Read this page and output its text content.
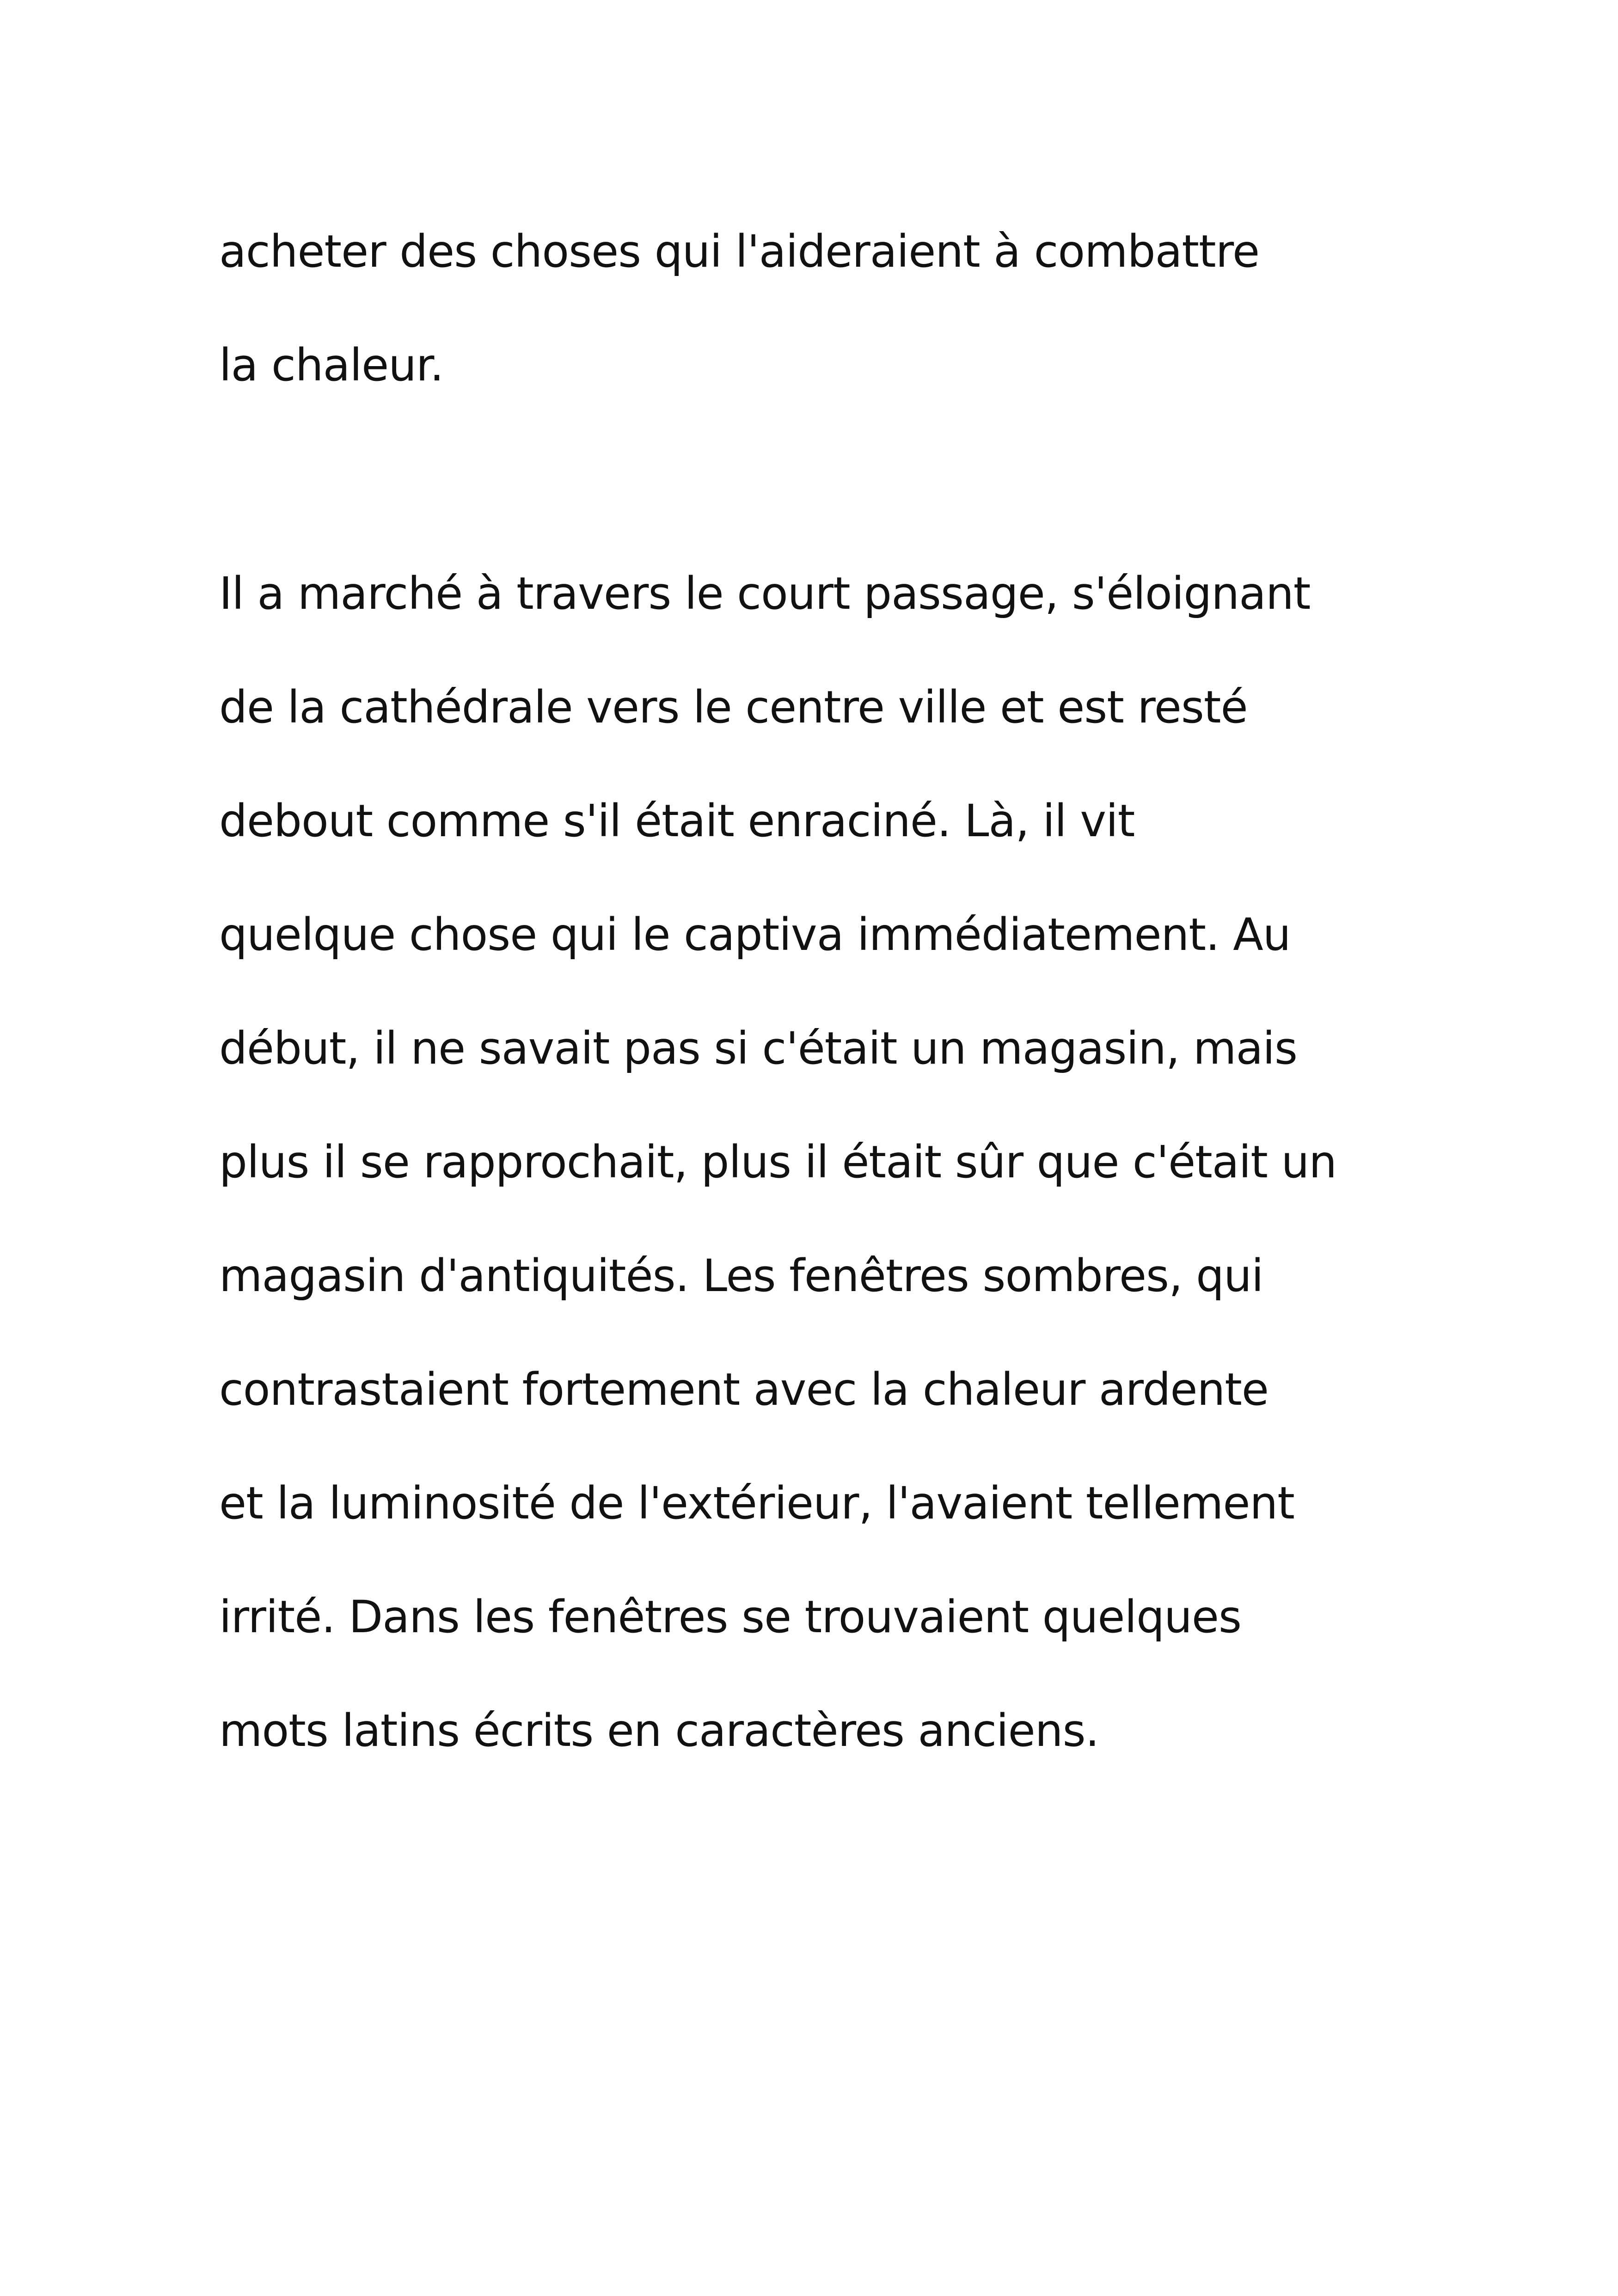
acheter des choses qui l'aideraient à combattre

la chaleur.

Il a marché à travers le court passage, s'éloignant

de la cathédrale vers le centre ville et est resté

debout comme s'il était enraciné. Là, il vit

quelque chose qui le captiva immédiatement. Au

début, il ne savait pas si c'était un magasin, mais

plus il se rapprochait, plus il était sûr que c'était un

magasin d'antiquités. Les fenêtres sombres, qui

contrastaient fortement avec la chaleur ardente

et la luminosité de l'extérieur, l'avaient tellement

irrité. Dans les fenêtres se trouvaient quelques

mots latins écrits en caractères anciens.
